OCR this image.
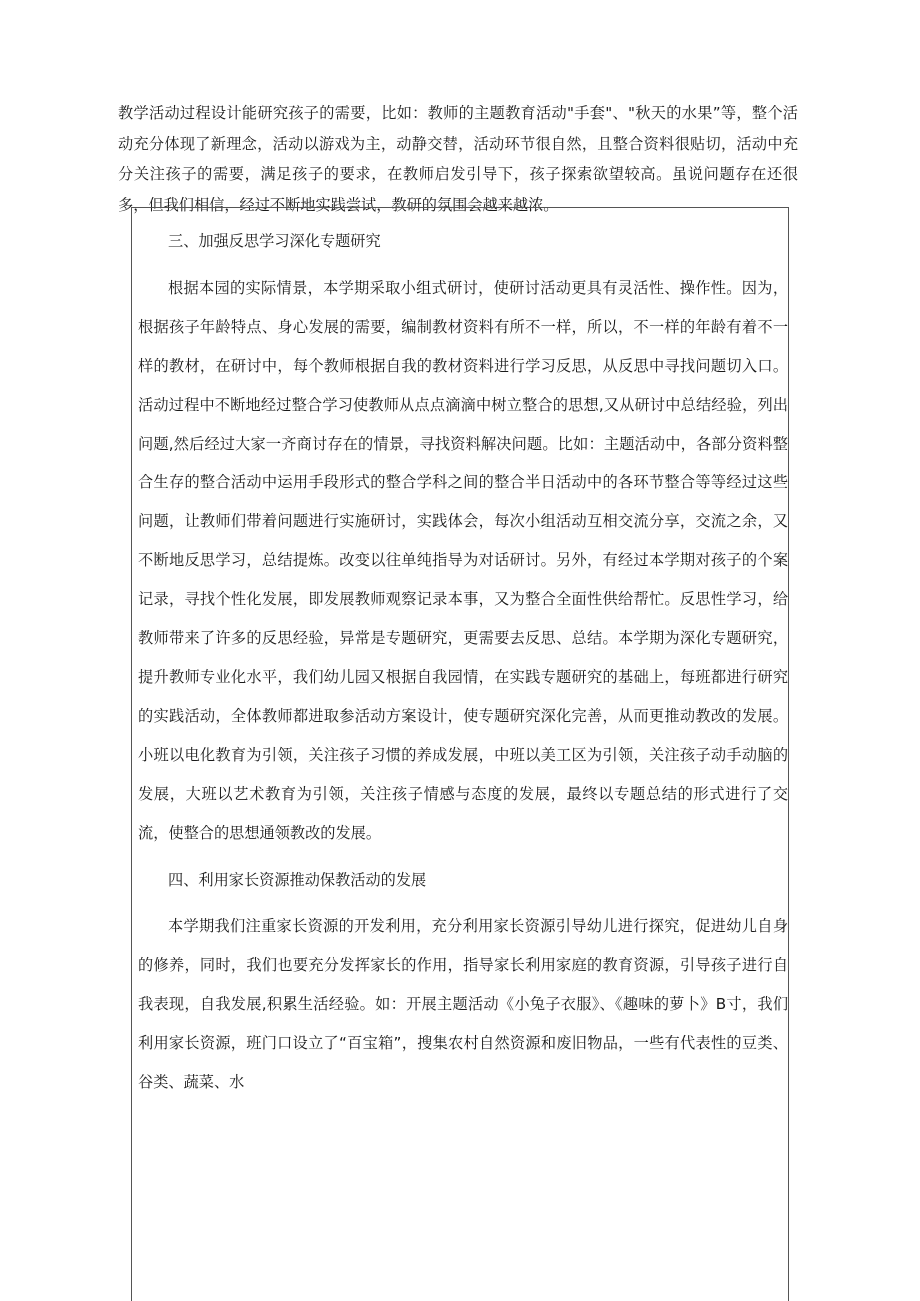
教学活动过程设计能研究孩子的需要，比如：教师的主题教育活动"手套"、"秋天的水果”等，整个活动充分体现了新理念，活动以游戏为主，动静交替，活动环节很自然，且整合资料很贴切，活动中充分关注孩子的需要，满足孩子的要求，在教师启发引导下，孩子探索欲望较高。虽说问题存在还很多，但我们相信，经过不断地实践尝试，教研的氛围会越来越浓。

三、加强反思学习深化专题研究

根据本园的实际情景，本学期采取小组式研讨，使研讨活动更具有灵活性、操作性。因为，根据孩子年龄特点、身心发展的需要，编制教材资料有所不一样，所以，不一样的年龄有着不一样的教材，在研讨中，每个教师根据自我的教材资料进行学习反思，从反思中寻找问题切入口。活动过程中不断地经过整合学习使教师从点点滴滴中树立整合的思想,又从研讨中总结经验，列出问题,然后经过大家一齐商讨存在的情景，寻找资料解决问题。比如：主题活动中，各部分资料整合生存的整合活动中运用手段形式的整合学科之间的整合半日活动中的各环节整合等等经过这些问题，让教师们带着问题进行实施研讨，实践体会，每次小组活动互相交流分享，交流之余，又不断地反思学习，总结提炼。改变以往单纯指导为对话研讨。另外，有经过本学期对孩子的个案记录，寻找个性化发展，即发展教师观察记录本事，又为整合全面性供给帮忙。反思性学习，给教师带来了许多的反思经验，异常是专题研究，更需要去反思、总结。本学期为深化专题研究，提升教师专业化水平，我们幼儿园又根据自我园情，在实践专题研究的基础上，每班都进行研究的实践活动，全体教师都进取参活动方案设计，使专题研究深化完善，从而更推动教改的发展。小班以电化教育为引领，关注孩子习惯的养成发展，中班以美工区为引领，关注孩子动手动脑的发展，大班以艺术教育为引领，关注孩子情感与态度的发展，最终以专题总结的形式进行了交流，使整合的思想通领教改的发展。

四、利用家长资源推动保教活动的发展

本学期我们注重家长资源的开发利用，充分利用家长资源引导幼儿进行探究，促进幼儿自身的修养，同时，我们也要充分发挥家长的作用，指导家长利用家庭的教育资源，引导孩子进行自我表现，自我发展,积累生活经验。如：开展主题活动《小兔子衣服》、《趣味的萝卜》B寸，我们利用家长资源，班门口设立了“百宝箱”，搜集农村自然资源和废旧物品，一些有代表性的豆类、谷类、蔬菜、水
